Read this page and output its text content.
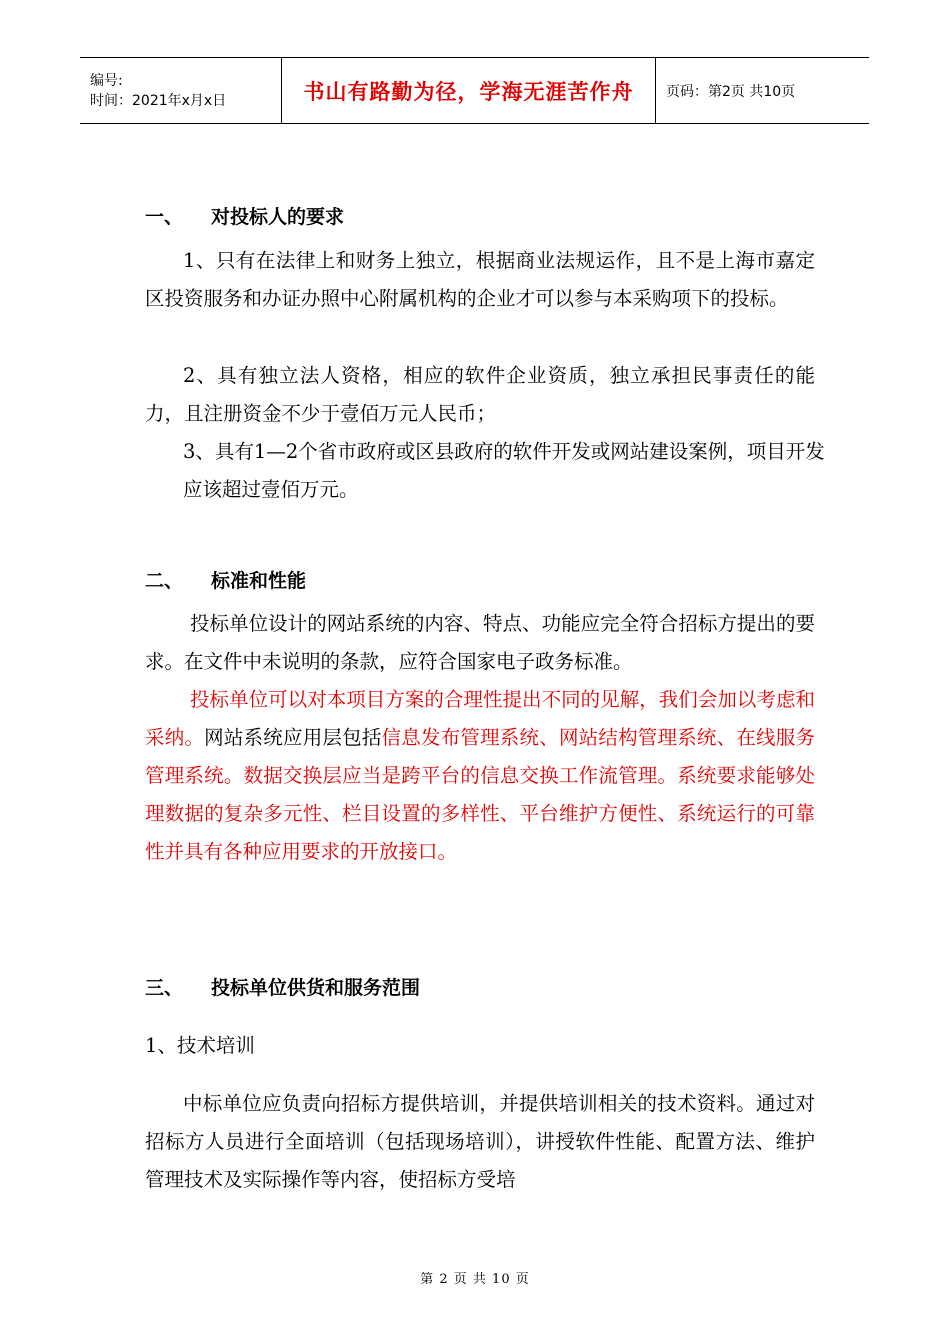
编号:
时间：2021年x月x日	书山有路勤为径，学海无涯苦作舟	页码：第2页 共10页
一、 对投标人的要求

1、只有在法律上和财务上独立，根据商业法规运作，且不是上海市嘉定区投资服务和办证办照中心附属机构的企业才可以参与本采购项下的投标。

2、具有独立法人资格，相应的软件企业资质，独立承担民事责任的能力，且注册资金不少于壹佰万元人民币；

3、具有1—2个省市政府或区县政府的软件开发或网站建设案例，项目开发应该超过壹佰万元。

二、 标准和性能

投标单位设计的网站系统的内容、特点、功能应完全符合招标方提出的要求。在文件中未说明的条款，应符合国家电子政务标准。

投标单位可以对本项目方案的合理性提出不同的见解，我们会加以考虑和采纳。网站系统应用层包括信息发布管理系统、网站结构管理系统、在线服务管理系统。数据交换层应当是跨平台的信息交换工作流管理。系统要求能够处理数据的复杂多元性、栏目设置的多样性、平台维护方便性、系统运行的可靠性并具有各种应用要求的开放接口。

三、 投标单位供货和服务范围

1、技术培训

中标单位应负责向招标方提供培训，并提供培训相关的技术资料。通过对招标方人员进行全面培训（包括现场培训），讲授软件性能、配置方法、维护管理技术及实际操作等内容，使招标方受培

第 2 页 共 10 页
